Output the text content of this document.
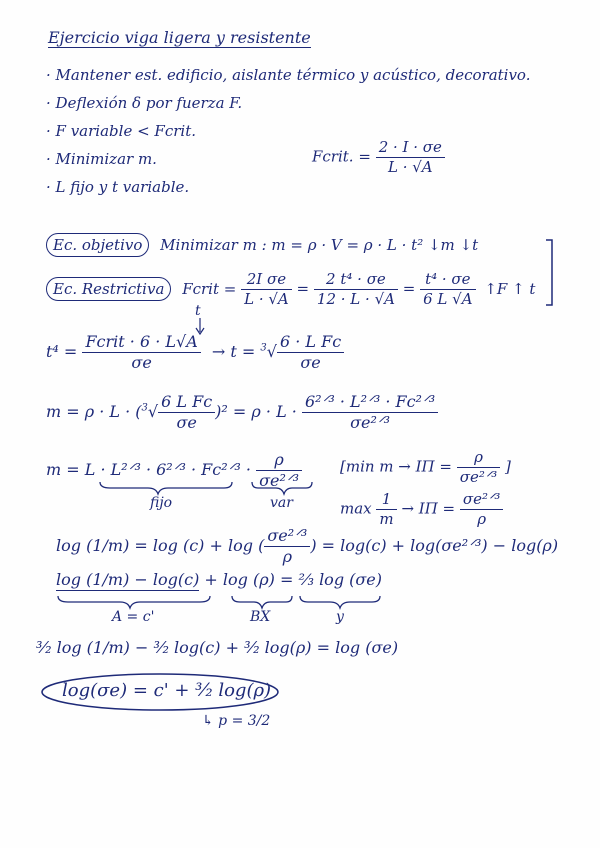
Ejercicio viga ligera y resistente
· Mantener est. edificio, aislante térmico y acústico, decorativo.
· Deflexión δ por fuerza F.
· F variable < Fcrit.
· Minimizar m.
· L fijo y t variable.
Fcrit. = $\frac{2 \cdot I \cdot \sigma e}{L \cdot √A}$
Ec. objetivo Minimizar m : m = ρ · V = ρ · L · t² ↓m ↓t
Ec. Restrictiva Fcrit = $\frac{\text{2I σe}}{L \cdot √A} = \frac{\text{2 t⁴ · σe}}{12 \cdot L \cdot √A} = \frac{\text{t⁴ · σe}}{6 L √A}$ ↑F ↑ t
t
$t^4 = \frac{\text{Fcrit · 6 · L√A}}{\sigma e} \to t = ^3√ \frac{\text{6 · L Fc}}{\sigma e}$
$m = \rho \cdot L \cdot (^3√ \frac{\text{6 L Fc}}{\sigma e} )^2 = \rho \cdot L \cdot \frac{\text{6²ᐟ³ · L²ᐟ³ · Fc²ᐟ³}}{\text{σe²ᐟ³}}$
m = L · L²ᐟ³ · 6²ᐟ³ · Fc²ᐟ³ · $\frac{\rho}{\text{σe²ᐟ³}}$
fijo	var
[min $m \to I\Pi = \frac{\rho}{\text{σe²ᐟ³}}$ ]
$\max \frac{1}{m} \to I\Pi = \frac{\text{σe²ᐟ³}}{\rho}$
log (1/m) = log (c) + log ( $\frac{\text{σe²ᐟ³}}{\rho}$ ) = log(c) + log(σe²ᐟ³) − log(ρ)
log (1/m) − log(c) + log (ρ) = ⅔ log (σe)
A = c'	BX	y
³⁄₂ log (1/m) − ³⁄₂ log(c) + ³⁄₂ log(ρ) = log (σe)
log(σe) = c' + ³⁄₂ log(ρ)
↳ p = 3/2
